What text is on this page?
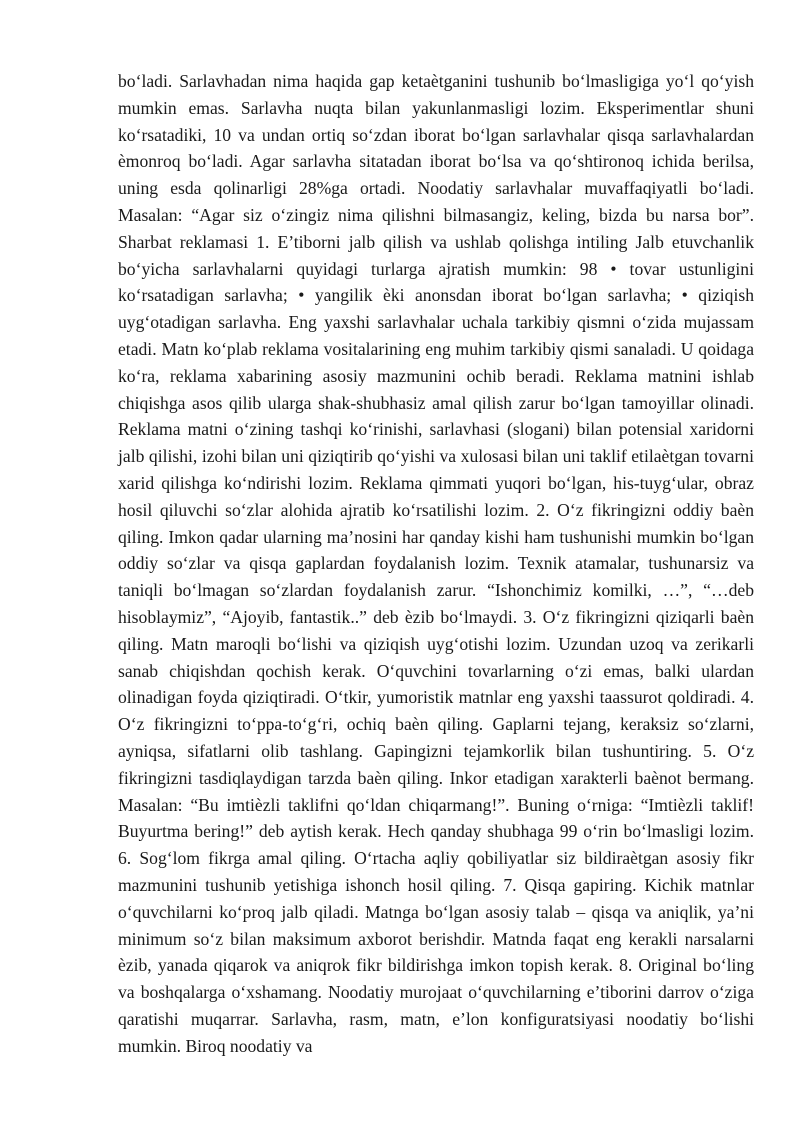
bo‘ladi. Sarlavhadan nima haqida gap ketaètganini tushunib bo‘lmasligiga yo‘l qo‘yish mumkin emas. Sarlavha nuqta bilan yakunlanmasligi lozim. Eksperimentlar shuni ko‘rsatadiki, 10 va undan ortiq so‘zdan iborat bo‘lgan sarlavhalar qisqa sarlavhalardan èmonroq bo‘ladi. Agar sarlavha sitatadan iborat bo‘lsa va qo‘shtironoq ichida berilsa, uning esda qolinarligi 28%ga ortadi. Noodatiy sarlavhalar muvaffaqiyatli bo‘ladi. Masalan: “Agar siz o‘zingiz nima qilishni bilmasangiz, keling, bizda bu narsa bor”. Sharbat reklamasi 1. E’tiborni jalb qilish va ushlab qolishga intiling Jalb etuvchanlik bo‘yicha sarlavhalarni quyidagi turlarga ajratish mumkin: 98 • tovar ustunligini ko‘rsatadigan sarlavha; • yangilik èki anonsdan iborat bo‘lgan sarlavha; • qiziqish uyg‘otadigan sarlavha. Eng yaxshi sarlavhalar uchala tarkibiy qismni o‘zida mujassam etadi. Matn ko‘plab reklama vositalarining eng muhim tarkibiy qismi sanaladi. U qoidaga ko‘ra, reklama xabarining asosiy mazmunini ochib beradi. Reklama matnini ishlab chiqishga asos qilib ularga shak-shubhasiz amal qilish zarur bo‘lgan tamoyillar olinadi. Reklama matni o‘zining tashqi ko‘rinishi, sarlavhasi (slogani) bilan potensial xaridorni jalb qilishi, izohi bilan uni qiziqtirib qo‘yishi va xulosasi bilan uni taklif etilaètgan tovarni xarid qilishga ko‘ndirishi lozim. Reklama qimmati yuqori bo‘lgan, his-tuyg‘ular, obraz hosil qiluvchi so‘zlar alohida ajratib ko‘rsatilishi lozim. 2. O‘z fikringizni oddiy baèn qiling. Imkon qadar ularning ma’nosini har qanday kishi ham tushunishi mumkin bo‘lgan oddiy so‘zlar va qisqa gaplardan foydalanish lozim. Texnik atamalar, tushunarsiz va taniqli bo‘lmagan so‘zlardan foydalanish zarur. “Ishonchimiz komilki, …”, “…deb hisoblaymiz”, “Ajoyib, fantastik..” deb èzib bo‘lmaydi. 3. O‘z fikringizni qiziqarli baèn qiling. Matn maroqli bo‘lishi va qiziqish uyg‘otishi lozim. Uzundan uzoq va zerikarli sanab chiqishdan qochish kerak. O‘quvchini tovarlarning o‘zi emas, balki ulardan olinadigan foyda qiziqtiradi. O‘tkir, yumoristik matnlar eng yaxshi taassurot qoldiradi. 4. O‘z fikringizni to‘ppa-to‘g‘ri, ochiq baèn qiling. Gaplarni tejang, keraksiz so‘zlarni, ayniqsa, sifatlarni olib tashlang. Gapingizni tejamkorlik bilan tushuntiring. 5. O‘z fikringizni tasdiqlaydigan tarzda baèn qiling. Inkor etadigan xarakterli baènot bermang. Masalan: “Bu imtièzli taklifni qo‘ldan chiqarmang!”. Buning o‘rniga: “Imtièzli taklif! Buyurtma bering!” deb aytish kerak. Hech qanday shubhaga 99 o‘rin bo‘lmasligi lozim. 6. Sog‘lom fikrga amal qiling. O‘rtacha aqliy qobiliyatlar siz bildiraètgan asosiy fikr mazmunini tushunib yetishiga ishonch hosil qiling. 7. Qisqa gapiring. Kichik matnlar o‘quvchilarni ko‘proq jalb qiladi. Matnga bo‘lgan asosiy talab – qisqa va aniqlik, ya’ni minimum so‘z bilan maksimum axborot berishdir. Matnda faqat eng kerakli narsalarni èzib, yanada qiqarok va aniqrok fikr bildirishga imkon topish kerak. 8. Original bo‘ling va boshqalarga o‘xshamang. Noodatiy murojaat o‘quvchilarning e’tiborini darrov o‘ziga qaratishi muqarrar. Sarlavha, rasm, matn, e’lon konfiguratsiyasi noodatiy bo‘lishi mumkin. Biroq noodatiy va
